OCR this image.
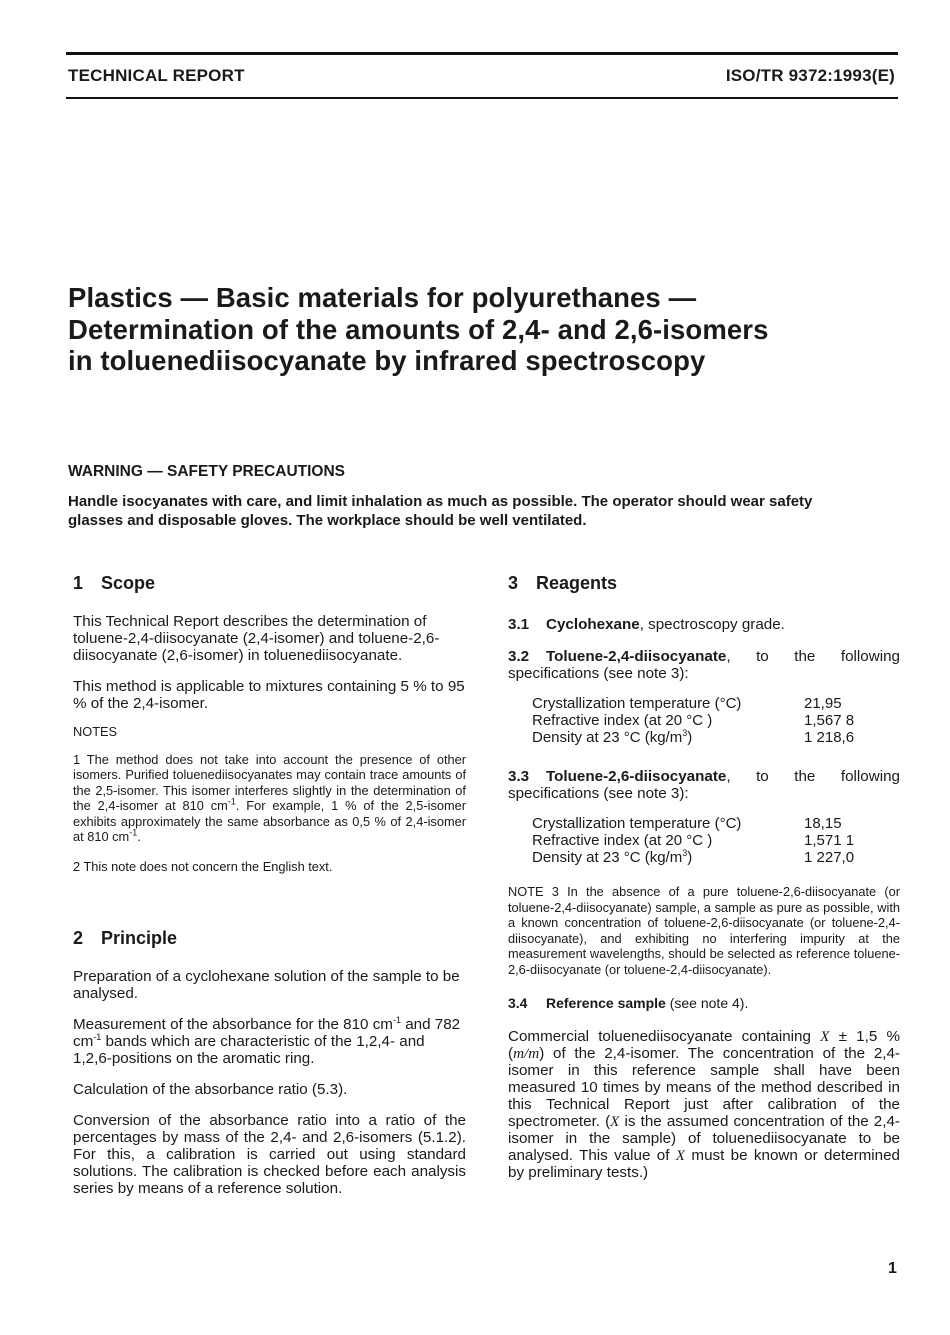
TECHNICAL REPORT	ISO/TR 9372:1993(E)
Plastics — Basic materials for polyurethanes —
Determination of the amounts of 2,4- and 2,6-isomers
in toluenediisocyanate by infrared spectroscopy
WARNING — SAFETY PRECAUTIONS
Handle isocyanates with care, and limit inhalation as much as possible. The operator should wear safety glasses and disposable gloves. The workplace should be well ventilated.
1 Scope

This Technical Report describes the determination of toluene-2,4-diisocyanate (2,4-isomer) and toluene-2,6-diisocyanate (2,6-isomer) in toluenediisocyanate.

This method is applicable to mixtures containing 5 % to 95 % of the 2,4-isomer.

NOTES

1 The method does not take into account the presence of other isomers. Purified toluenediisocyanates may contain trace amounts of the 2,5-isomer. This isomer interferes slightly in the determination of the 2,4-isomer at 810 $cm^{-1}$. For example, 1 % of the 2,5-isomer exhibits approximately the same absorbance as 0,5 % of 2,4-isomer at 810 $cm^{-1}$.

2 This note does not concern the English text.

2 Principle

Preparation of a cyclohexane solution of the sample to be analysed.

Measurement of the absorbance for the 810 $cm^{-1}$ and 782 $cm^{-1}$ bands which are characteristic of the 1,2,4- and 1,2,6-positions on the aromatic ring.

Calculation of the absorbance ratio (5.3).

Conversion of the absorbance ratio into a ratio of the percentages by mass of the 2,4- and 2,6-isomers (5.1.2). For this, a calibration is carried out using standard solutions. The calibration is checked before each analysis series by means of a reference solution.

3 Reagents

3.1 Cyclohexane, spectroscopy grade.

3.2 Toluene-2,4-diisocyanate, to the following specifications (see note 3):

Crystallization temperature (°C)	21,95
Refractive index (at 20 °C )	1,567 8
Density at 23 °C $(kg/m^3)$	1 218,6

3.3 Toluene-2,6-diisocyanate, to the following specifications (see note 3):

Crystallization temperature (°C)	18,15
Refractive index (at 20 °C )	1,571 1
Density at 23 °C $(kg/m^3)$	1 227,0

NOTE 3 In the absence of a pure toluene-2,6-diisocyanate (or toluene-2,4-diisocyanate) sample, a sample as pure as possible, with a known concentration of toluene-2,6-diisocyanate (or toluene-2,4-diisocyanate), and exhibiting no interfering impurity at the measurement wavelengths, should be selected as reference toluene-2,6-diisocyanate (or toluene-2,4-diisocyanate).

3.4 Reference sample (see note 4).

Commercial toluenediisocyanate containing X ± 1,5 % (m/m) of the 2,4-isomer. The concentration of the 2,4-isomer in this reference sample shall have been measured 10 times by means of the method described in this Technical Report just after calibration of the spectrometer. (X is the assumed concentration of the 2,4-isomer in the sample) of toluenediisocyanate to be analysed. This value of X must be known or determined by preliminary tests.)

1
